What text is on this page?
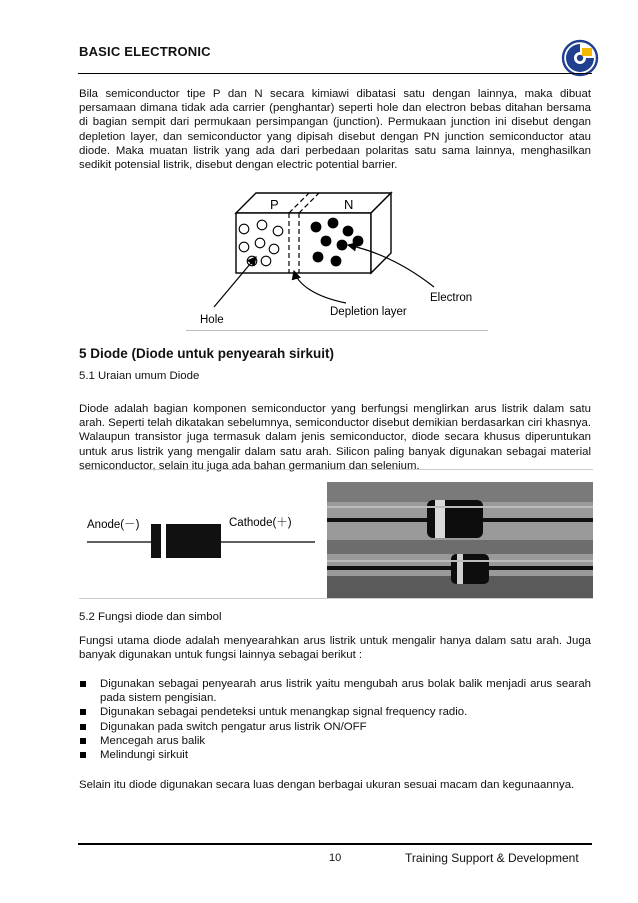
BASIC ELECTRONIC

Bila semiconductor tipe P dan N secara kimiawi dibatasi satu dengan lainnya, maka dibuat persamaan dimana tidak ada carrier (penghantar) seperti hole dan electron bebas ditahan bersama di bagian sempit dari permukaan persimpangan (junction). Permukaan junction ini disebut dengan depletion layer, dan semiconductor yang dipisah disebut dengan PN junction semiconductor atau diode. Maka muatan listrik yang ada dari perbedaan polaritas satu sama lainnya, menghasilkan sedikit potensial listrik, disebut dengan electric potential barrier.

P	N
Hole
Depletion layer
Electron
5 Diode (Diode untuk penyearah sirkuit)
5.1 Uraian umum Diode

Diode adalah bagian komponen semiconductor yang berfungsi menglirkan arus listrik dalam satu arah. Seperti telah dikatakan sebelumnya, semiconductor disebut demikian berdasarkan ciri khasnya. Walaupun transistor juga termasuk dalam jenis semiconductor, diode secara khusus diperuntukan untuk arus listrik yang mengalir dalam satu arah. Silicon paling banyak digunakan sebagai material semiconductor, selain itu juga ada bahan germanium dan selenium.

Anode(－)	Cathode(＋)
5.2 Fungsi diode dan simbol

Fungsi utama diode adalah menyearahkan arus listrik untuk mengalir hanya dalam satu arah. Juga banyak digunakan untuk fungsi lainnya sebagai berikut :

Digunakan sebagai penyearah arus listrik yaitu mengubah arus bolak balik menjadi arus searah pada sistem pengisian.
Digunakan sebagai pendeteksi untuk menangkap signal frequency radio.
Digunakan pada switch pengatur arus listrik ON/OFF
Mencegah arus balik
Melindungi sirkuit

Selain itu diode digunakan secara luas dengan berbagai ukuran sesuai macam dan kegunaannya.

10	Training Support & Development
